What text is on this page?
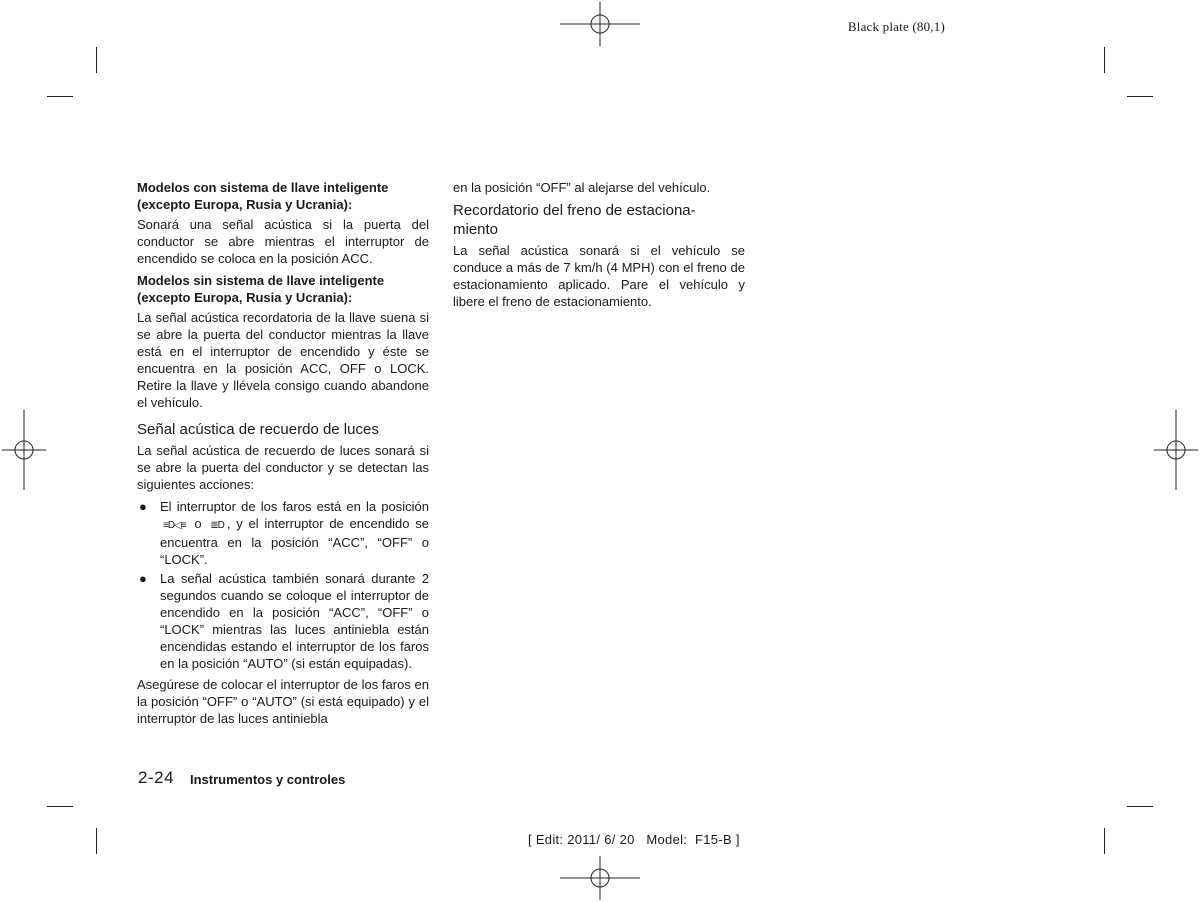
Black plate (80,1)

Modelos con sistema de llave inteligente (excepto Europa, Rusia y Ucrania):

Sonará una señal acústica si la puerta del conductor se abre mientras el interruptor de encendido se coloca en la posición ACC.

Modelos sin sistema de llave inteligente (excepto Europa, Rusia y Ucrania):

La señal acústica recordatoria de la llave suena si se abre la puerta del conductor mientras la llave está en el interruptor de encendido y éste se encuentra en la posición ACC, OFF o LOCK. Retire la llave y llévela consigo cuando abandone el vehículo.

Señal acústica de recuerdo de luces

La señal acústica de recuerdo de luces sonará si se abre la puerta del conductor y se detectan las siguientes acciones:

● El interruptor de los faros está en la posición ≡D◁≡ o ≣D , y el interruptor de encendido se encuentra en la posición “ACC”, “OFF” o “LOCK”.
● La señal acústica también sonará durante 2 segundos cuando se coloque el interruptor de encendido en la posición “ACC”, “OFF” o “LOCK” mientras las luces antiniebla están encendidas estando el interruptor de los faros en la posición “AUTO” (si están equipadas).

Asegúrese de colocar el interruptor de los faros en la posición “OFF” o “AUTO” (si está equipado) y el interruptor de las luces antiniebla

en la posición “OFF” al alejarse del vehículo.

Recordatorio del freno de estaciona-miento

La señal acústica sonará si el vehículo se conduce a más de 7 km/h (4 MPH) con el freno de estacionamiento aplicado. Pare el vehículo y libere el freno de estacionamiento.

2-24 Instrumentos y controles
[ Edit: 2011/ 6/ 20   Model:  F15-B ]
